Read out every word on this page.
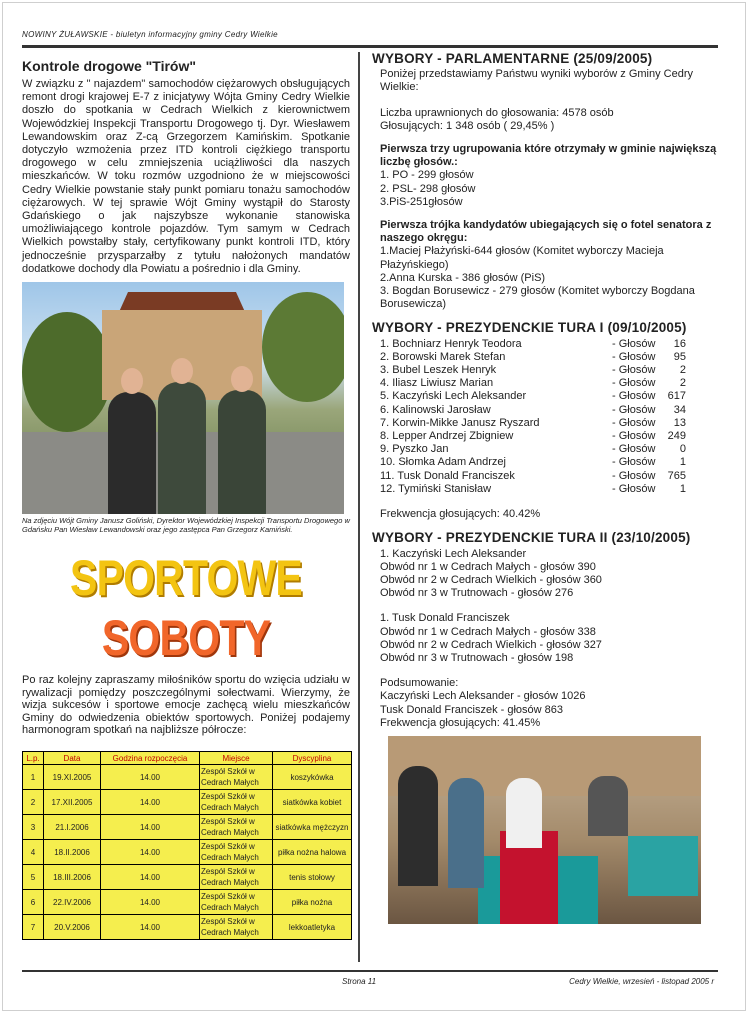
NOWINY ŻUŁAWSKIE - biuletyn informacyjny gminy Cedry Wielkie
Kontrole drogowe "Tirów"

W związku z " najazdem" samochodów ciężarowych obsługujących remont drogi krajowej E-7 z inicjatywy Wójta Gminy Cedry Wielkie doszło do spotkania w Cedrach Wielkich z kierownictwem Wojewódzkiej Inspekcji Transportu Drogowego tj. Dyr. Wiesławem Lewandowskim oraz Z-cą Grzegorzem Kamińskim. Spotkanie dotyczyło wzmożenia przez ITD kontroli ciężkiego transportu drogowego w celu zmniejszenia uciążliwości dla naszych mieszkańców. W toku rozmów uzgodniono że w miejscowości Cedry Wielkie powstanie stały punkt pomiaru tonażu samochodów ciężarowych. W tej sprawie Wójt Gminy wystąpił do Starosty Gdańskiego o jak najszybsze wykonanie stanowiska umożliwiającego kontrole pojazdów. Tym samym w Cedrach Wielkich powstałby stały, certyfikowany punkt kontroli ITD, który jednocześnie przysparzałby z tytułu nałożonych mandatów dodatkowe dochody dla Powiatu a pośrednio i dla Gminy.

Na zdjęciu Wójt Gminy Janusz Goliński, Dyrektor Wojewódzkiej Inspekcji Transportu Drogowego w Gdańsku Pan Wiesław Lewandowski oraz jego zastępca Pan Grzegorz Kamiński.
SPORTOWE
SOBOTY
Po raz kolejny zapraszamy miłośników sportu do wzięcia udziału w rywalizacji pomiędzy poszczególnymi sołectwami. Wierzymy, że wizja sukcesów i sportowe emocje zachęcą wielu mieszkańców Gminy do odwiedzenia obiektów sportowych. Poniżej podajemy harmonogram spotkań na najbliższe półrocze:
L.p.	Data	Godzina rozpoczęcia	Miejsce	Dyscyplina
1	19.XI.2005	14.00	Zespół Szkół w Cedrach Małych	koszykówka
2	17.XII.2005	14.00	Zespół Szkół w Cedrach Małych	siatkówka kobiet
3	21.I.2006	14.00	Zespół Szkół w Cedrach Małych	siatkówka mężczyzn
4	18.II.2006	14.00	Zespół Szkół w Cedrach Małych	piłka nożna halowa
5	18.III.2006	14.00	Zespół Szkół w Cedrach Małych	tenis stołowy
6	22.IV.2006	14.00	Zespół Szkół w Cedrach Małych	piłka nożna
7	20.V.2006	14.00	Zespół Szkół w Cedrach Małych	lekkoatletyka
WYBORY - PARLAMENTARNE (25/09/2005)

Poniżej przedstawiamy Państwu wyniki wyborów z Gminy Cedry Wielkie:

Liczba uprawnionych do głosowania: 4578 osób

Głosujących: 1 348 osób ( 29,45% )

Pierwsza trzy ugrupowania które otrzymały w gminie największą liczbę głosów.:

1. PO - 299 głosów

2. PSL- 298 głosów

3.PiS-251głosów

Pierwsza trójka kandydatów ubiegających się o fotel senatora z naszego okręgu:

1.Maciej Płażyński-644 głosów (Komitet wyborczy Macieja Płażyńskiego)

2.Anna Kurska - 386 głosów (PiS)

3. Bogdan Borusewicz - 279 głosów (Komitet wyborczy Bogdana Borusewicza)

WYBORY - PREZYDENCKIE TURA I (09/10/2005)
1. Bochniarz Henryk Teodora	- Głosów	16
2. Borowski Marek Stefan	- Głosów	95
3. Bubel Leszek Henryk	- Głosów	2
4. Iliasz Liwiusz Marian	- Głosów	2
5. Kaczyński Lech Aleksander	- Głosów	617
6. Kalinowski Jarosław	- Głosów	34
7. Korwin-Mikke Janusz Ryszard	- Głosów	13
8. Lepper Andrzej Zbigniew	- Głosów	249
9. Pyszko Jan	- Głosów	0
10. Słomka Adam Andrzej	- Głosów	1
11. Tusk Donald Franciszek	- Głosów	765
12. Tymiński Stanisław	- Głosów	1

Frekwencja głosujących: 40.42%

WYBORY - PREZYDENCKIE TURA II (23/10/2005)

1. Kaczyński Lech Aleksander

Obwód nr 1 w Cedrach Małych - głosów 390

Obwód nr 2 w Cedrach Wielkich - głosów 360

Obwód nr 3 w Trutnowach - głosów 276

1. Tusk Donald Franciszek

Obwód nr 1 w Cedrach Małych - głosów 338

Obwód nr 2 w Cedrach Wielkich - głosów 327

Obwód nr 3 w Trutnowach - głosów 198

Podsumowanie:

Kaczyński Lech Aleksander - głosów 1026

Tusk Donald Franciszek - głosów 863

Frekwencja głosujących: 41.45%

Strona 11	Cedry Wielkie, wrzesień - listopad 2005 r
